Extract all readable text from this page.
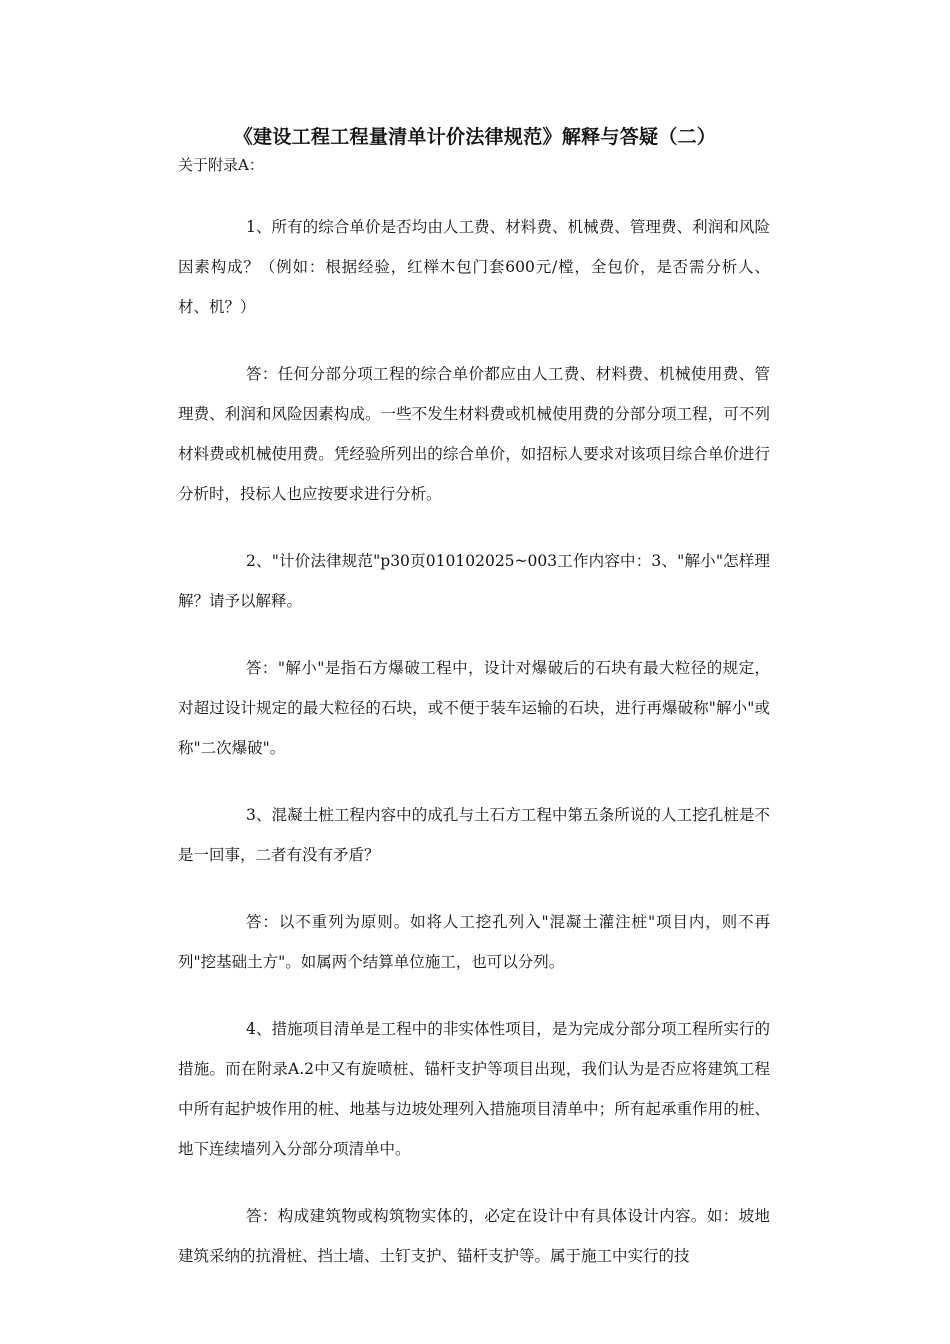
《建设工程工程量清单计价法律规范》解释与答疑（二）
关于附录A：

1、所有的综合单价是否均由人工费、材料费、机械费、管理费、利润和风险因素构成？（例如：根据经验，红榉木包门套600元/樘，全包价，是否需分析人、材、机？）

答：任何分部分项工程的综合单价都应由人工费、材料费、机械使用费、管理费、利润和风险因素构成。一些不发生材料费或机械使用费的分部分项工程，可不列材料费或机械使用费。凭经验所列出的综合单价，如招标人要求对该项目综合单价进行分析时，投标人也应按要求进行分析。

2、"计价法律规范"p30页010102025~003工作内容中：3、"解小"怎样理解？请予以解释。

答："解小"是指石方爆破工程中，设计对爆破后的石块有最大粒径的规定，对超过设计规定的最大粒径的石块，或不便于装车运输的石块，进行再爆破称"解小"或称"二次爆破"。

3、混凝土桩工程内容中的成孔与土石方工程中第五条所说的人工挖孔桩是不是一回事，二者有没有矛盾？

答：以不重列为原则。如将人工挖孔列入"混凝土灌注桩"项目内，则不再列"挖基础土方"。如属两个结算单位施工，也可以分列。

4、措施项目清单是工程中的非实体性项目，是为完成分部分项工程所实行的措施。而在附录A.2中又有旋喷桩、锚杆支护等项目出现，我们认为是否应将建筑工程中所有起护坡作用的桩、地基与边坡处理列入措施项目清单中；所有起承重作用的桩、地下连续墙列入分部分项清单中。

答：构成建筑物或构筑物实体的，必定在设计中有具体设计内容。如：坡地建筑采纳的抗滑桩、挡土墙、土钉支护、锚杆支护等。属于施工中实行的技
